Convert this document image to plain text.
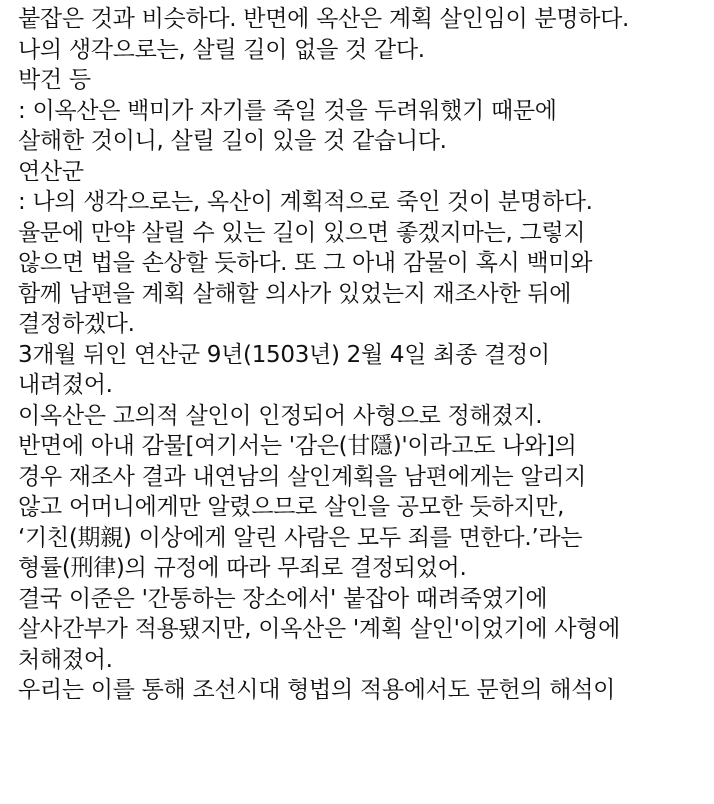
붙잡은 것과 비슷하다. 반면에 옥산은 계획 살인임이 분명하다.
나의 생각으로는, 살릴 길이 없을 것 같다.
박건 등
: 이옥산은 백미가 자기를 죽일 것을 두려워했기 때문에
살해한 것이니, 살릴 길이 있을 것 같습니다.
연산군
: 나의 생각으로는, 옥산이 계획적으로 죽인 것이 분명하다.
율문에 만약 살릴 수 있는 길이 있으면 좋겠지마는, 그렇지
않으면 법을 손상할 듯하다. 또 그 아내 감물이 혹시 백미와
함께 남편을 계획 살해할 의사가 있었는지 재조사한 뒤에
결정하겠다.
3개월 뒤인 연산군 9년(1503년) 2월 4일 최종 결정이
내려졌어.
이옥산은 고의적 살인이 인정되어 사형으로 정해졌지.
반면에 아내 감물[여기서는 '감은(甘隱)'이라고도 나와]의
경우 재조사 결과 내연남의 살인계획을 남편에게는 알리지
않고 어머니에게만 알렸으므로 살인을 공모한 듯하지만,
‘기친(期親) 이상에게 알린 사람은 모두 죄를 면한다.’라는
형률(刑律)의 규정에 따라 무죄로 결정되었어.
결국 이준은 '간통하는 장소에서' 붙잡아 때려죽였기에
살사간부가 적용됐지만, 이옥산은 '계획 살인'이었기에 사형에
처해졌어.
우리는 이를 통해 조선시대 형법의 적용에서도 문헌의 해석이
